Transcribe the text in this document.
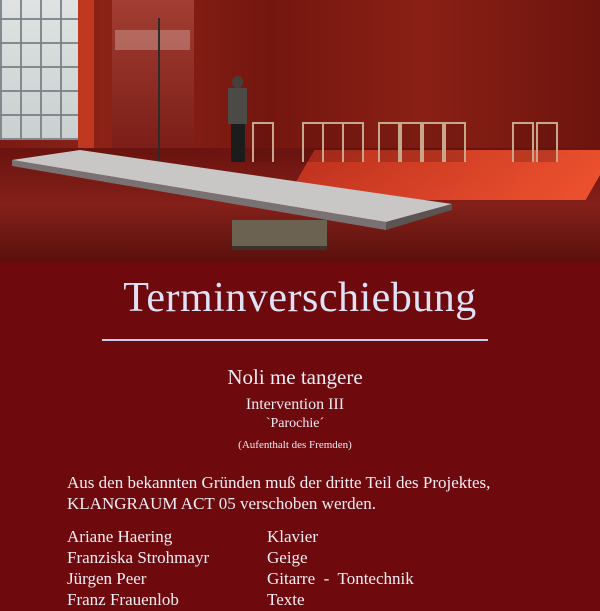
Terminverschiebung
Noli me tangere
Intervention III
`Parochie´
(Aufenthalt des Fremden)
Aus den bekannten Gründen muß der dritte Teil des Projektes,
KLANGRAUM ACT 05 verschoben werden.
Ariane Haering	Klavier
Franziska Strohmayr	Geige
Jürgen Peer	Gitarre  -  Tontechnik
Franz Frauenlob	Texte
